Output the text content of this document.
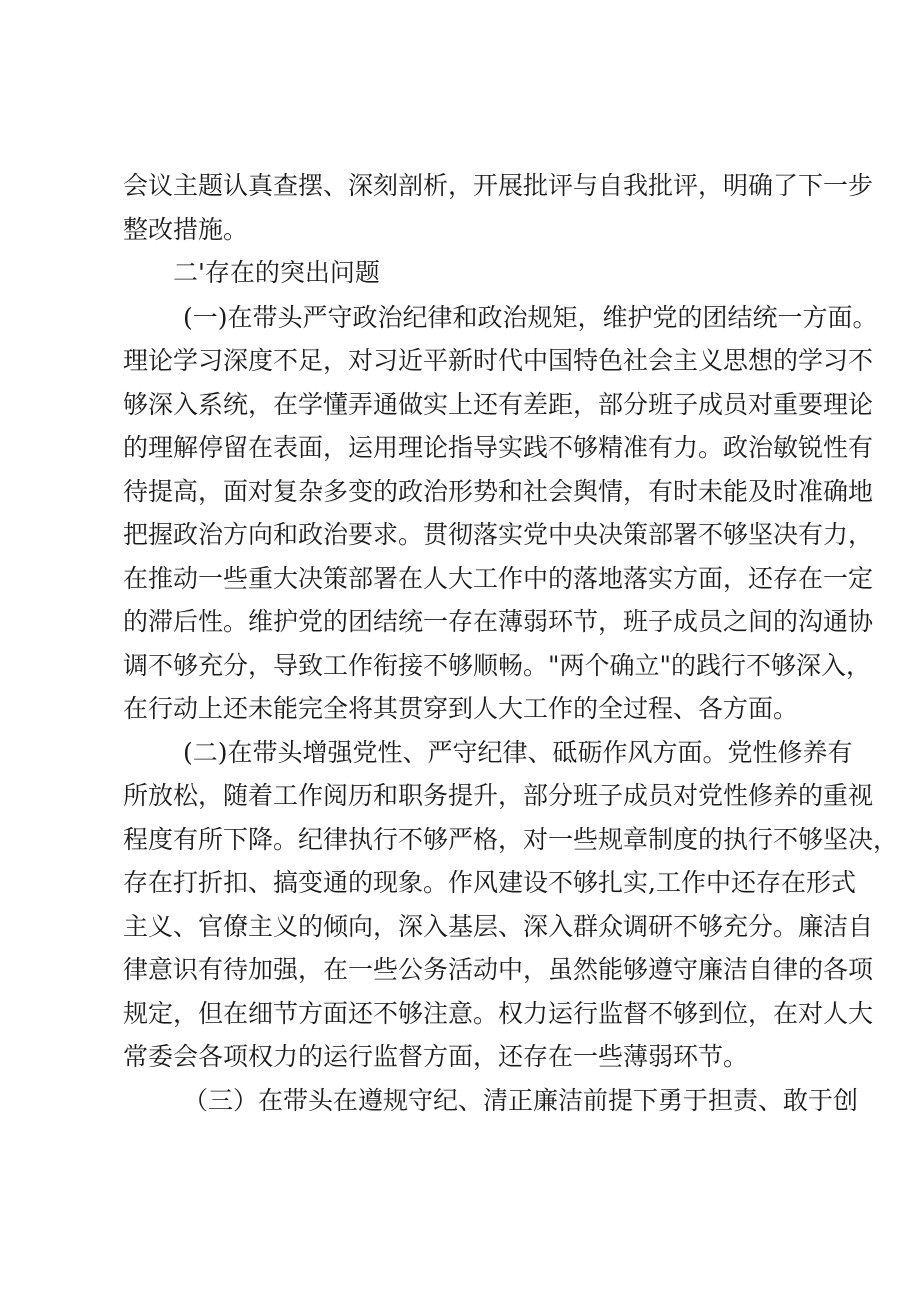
会议主题认真查摆、深刻剖析，开展批评与自我批评，明确了下一步
整改措施。
二'存在的突出问题
(一)在带头严守政治纪律和政治规矩，维护党的团结统一方面。
理论学习深度不足，对习近平新时代中国特色社会主义思想的学习不
够深入系统，在学懂弄通做实上还有差距，部分班子成员对重要理论
的理解停留在表面，运用理论指导实践不够精准有力。政治敏锐性有
待提高，面对复杂多变的政治形势和社会舆情，有时未能及时准确地
把握政治方向和政治要求。贯彻落实党中央决策部署不够坚决有力，
在推动一些重大决策部署在人大工作中的落地落实方面，还存在一定
的滞后性。维护党的团结统一存在薄弱环节，班子成员之间的沟通协
调不够充分，导致工作衔接不够顺畅。"两个确立"的践行不够深入，
在行动上还未能完全将其贯穿到人大工作的全过程、各方面。
(二)在带头增强党性、严守纪律、砥砺作风方面。党性修养有
所放松，随着工作阅历和职务提升，部分班子成员对党性修养的重视
程度有所下降。纪律执行不够严格，对一些规章制度的执行不够坚决，
存在打折扣、搞变通的现象。作风建设不够扎实,工作中还存在形式
主义、官僚主义的倾向，深入基层、深入群众调研不够充分。廉洁自
律意识有待加强，在一些公务活动中，虽然能够遵守廉洁自律的各项
规定，但在细节方面还不够注意。权力运行监督不够到位，在对人大
常委会各项权力的运行监督方面，还存在一些薄弱环节。
（三）在带头在遵规守纪、清正廉洁前提下勇于担责、敢于创
